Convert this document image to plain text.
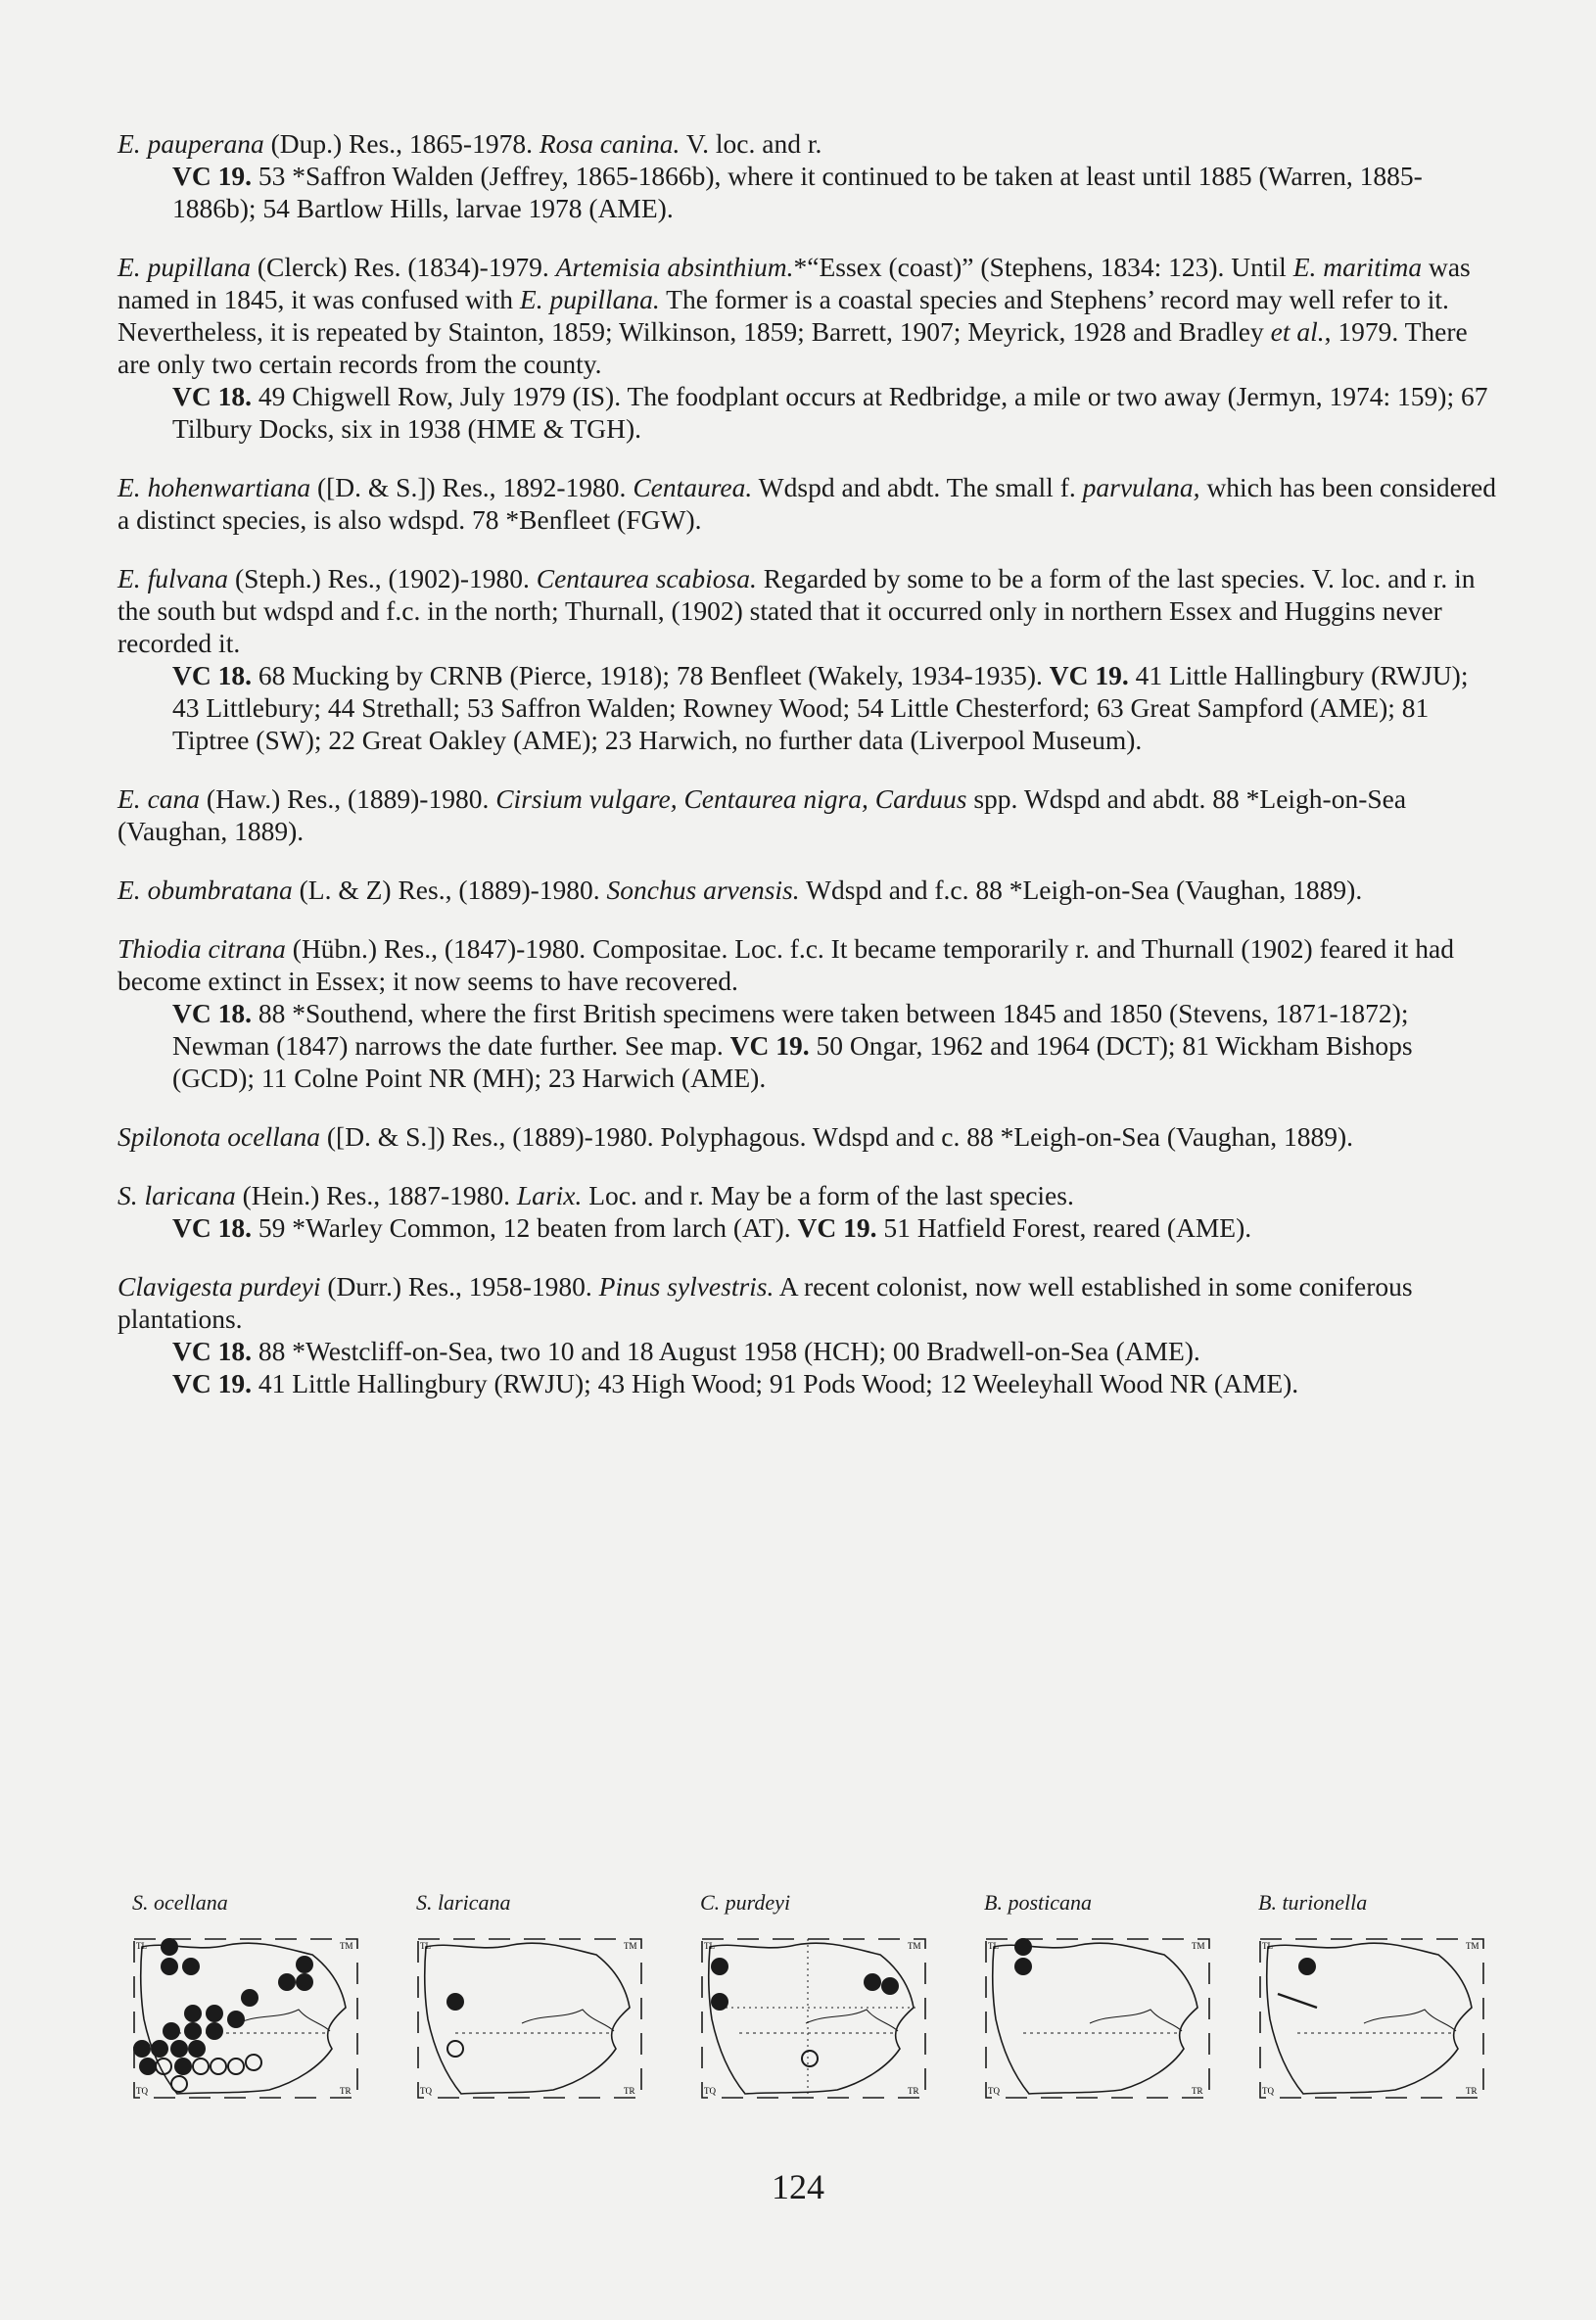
E. pauperana (Dup.) Res., 1865-1978. Rosa canina. V. loc. and r.

VC 19. 53 *Saffron Walden (Jeffrey, 1865-1866b), where it continued to be taken at least until 1885 (Warren, 1885-1886b); 54 Bartlow Hills, larvae 1978 (AME).

E. pupillana (Clerck) Res. (1834)-1979. Artemisia absinthium.*“Essex (coast)” (Stephens, 1834: 123). Until E. maritima was named in 1845, it was confused with E. pupillana. The former is a coastal species and Stephens’ record may well refer to it. Nevertheless, it is repeated by Stainton, 1859; Wilkinson, 1859; Barrett, 1907; Meyrick, 1928 and Bradley et al., 1979. There are only two certain records from the county.

VC 18. 49 Chigwell Row, July 1979 (IS). The foodplant occurs at Redbridge, a mile or two away (Jermyn, 1974: 159); 67 Tilbury Docks, six in 1938 (HME & TGH).

E. hohenwartiana ([D. & S.]) Res., 1892-1980. Centaurea. Wdspd and abdt. The small f. parvulana, which has been considered a distinct species, is also wdspd. 78 *Benfleet (FGW).

E. fulvana (Steph.) Res., (1902)-1980. Centaurea scabiosa. Regarded by some to be a form of the last species. V. loc. and r. in the south but wdspd and f.c. in the north; Thurnall, (1902) stated that it occurred only in northern Essex and Huggins never recorded it.

VC 18. 68 Mucking by CRNB (Pierce, 1918); 78 Benfleet (Wakely, 1934-1935). VC 19. 41 Little Hallingbury (RWJU); 43 Littlebury; 44 Strethall; 53 Saffron Walden; Rowney Wood; 54 Little Chesterford; 63 Great Sampford (AME); 81 Tiptree (SW); 22 Great Oakley (AME); 23 Harwich, no further data (Liverpool Museum).

E. cana (Haw.) Res., (1889)-1980. Cirsium vulgare, Centaurea nigra, Carduus spp. Wdspd and abdt. 88 *Leigh-on-Sea (Vaughan, 1889).

E. obumbratana (L. & Z) Res., (1889)-1980. Sonchus arvensis. Wdspd and f.c. 88 *Leigh-on-Sea (Vaughan, 1889).

Thiodia citrana (Hübn.) Res., (1847)-1980. Compositae. Loc. f.c. It became temporarily r. and Thurnall (1902) feared it had become extinct in Essex; it now seems to have recovered.

VC 18. 88 *Southend, where the first British specimens were taken between 1845 and 1850 (Stevens, 1871-1872); Newman (1847) narrows the date further. See map. VC 19. 50 Ongar, 1962 and 1964 (DCT); 81 Wickham Bishops (GCD); 11 Colne Point NR (MH); 23 Harwich (AME).

Spilonota ocellana ([D. & S.]) Res., (1889)-1980. Polyphagous. Wdspd and c. 88 *Leigh-on-Sea (Vaughan, 1889).

S. laricana (Hein.) Res., 1887-1980. Larix. Loc. and r. May be a form of the last species.

VC 18. 59 *Warley Common, 12 beaten from larch (AT). VC 19. 51 Hatfield Forest, reared (AME).

Clavigesta purdeyi (Durr.) Res., 1958-1980. Pinus sylvestris. A recent colonist, now well established in some coniferous plantations.

VC 18. 88 *Westcliff-on-Sea, two 10 and 18 August 1958 (HCH); 00 Bradwell-on-Sea (AME).

VC 19. 41 Little Hallingbury (RWJU); 43 High Wood; 91 Pods Wood; 12 Weeleyhall Wood NR (AME).

S. ocellana
TL	TM
TQ	TR
S. laricana
TL	TM
TQ	TR
C. purdeyi
TL	TM
TQ	TR
B. posticana
TL	TM
TQ	TR
B. turionella
TL	TM
TQ	TR
124
